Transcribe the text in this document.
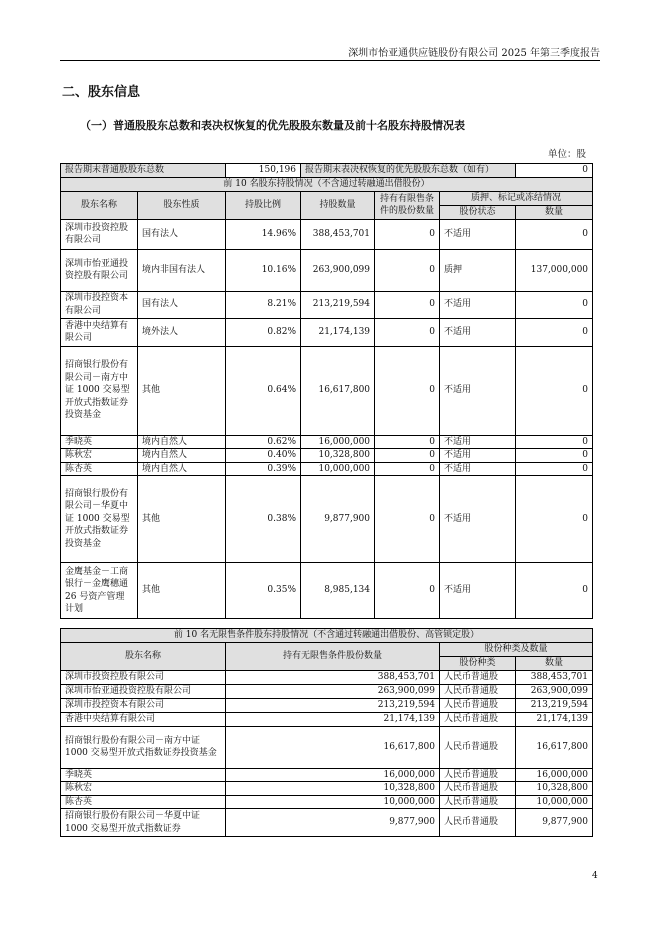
深圳市怡亚通供应链股份有限公司 2025 年第三季度报告
二、股东信息
（一）普通股股东总数和表决权恢复的优先股股东数量及前十名股东持股情况表
单位：股
报告期末普通股股东总数		150,196	报告期末表决权恢复的优先股股东总数（如有）			0
前 10 名股东持股情况（不含通过转融通出借股份）						
股东名称	股东性质	持股比例	持股数量	持有有限售条件的股份数量	质押、标记或冻结情况	
					股份状态	数量
深圳市投资控股有限公司	国有法人	14.96%	388,453,701	0	不适用	0
深圳市怡亚通投资控股有限公司	境内非国有法人	10.16%	263,900,099	0	质押	137,000,000
深圳市投控资本有限公司	国有法人	8.21%	213,219,594	0	不适用	0
香港中央结算有限公司	境外法人	0.82%	21,174,139	0	不适用	0
招商银行股份有限公司－南方中证 1000 交易型开放式指数证券投资基金	其他	0.64%	16,617,800	0	不适用	0
季晓英	境内自然人	0.62%	16,000,000	0	不适用	0
陈秋宏	境内自然人	0.40%	10,328,800	0	不适用	0
陈杏英	境内自然人	0.39%	10,000,000	0	不适用	0
招商银行股份有限公司－华夏中证 1000 交易型开放式指数证券投资基金	其他	0.38%	9,877,900	0	不适用	0
金鹰基金－工商银行－金鹰穗通 26 号资产管理计划	其他	0.35%	8,985,134	0	不适用	0
前 10 名无限售条件股东持股情况（不含通过转融通出借股份、高管锁定股）			
股东名称	持有无限售条件股份数量	股份种类及数量	
		股份种类	数量
深圳市投资控股有限公司	388,453,701	人民币普通股	388,453,701
深圳市怡亚通投资控股有限公司	263,900,099	人民币普通股	263,900,099
深圳市投控资本有限公司	213,219,594	人民币普通股	213,219,594
香港中央结算有限公司	21,174,139	人民币普通股	21,174,139
招商银行股份有限公司－南方中证 1000 交易型开放式指数证券投资基金	16,617,800	人民币普通股	16,617,800
季晓英	16,000,000	人民币普通股	16,000,000
陈秋宏	10,328,800	人民币普通股	10,328,800
陈杏英	10,000,000	人民币普通股	10,000,000
招商银行股份有限公司－华夏中证 1000 交易型开放式指数证券	9,877,900	人民币普通股	9,877,900
4
